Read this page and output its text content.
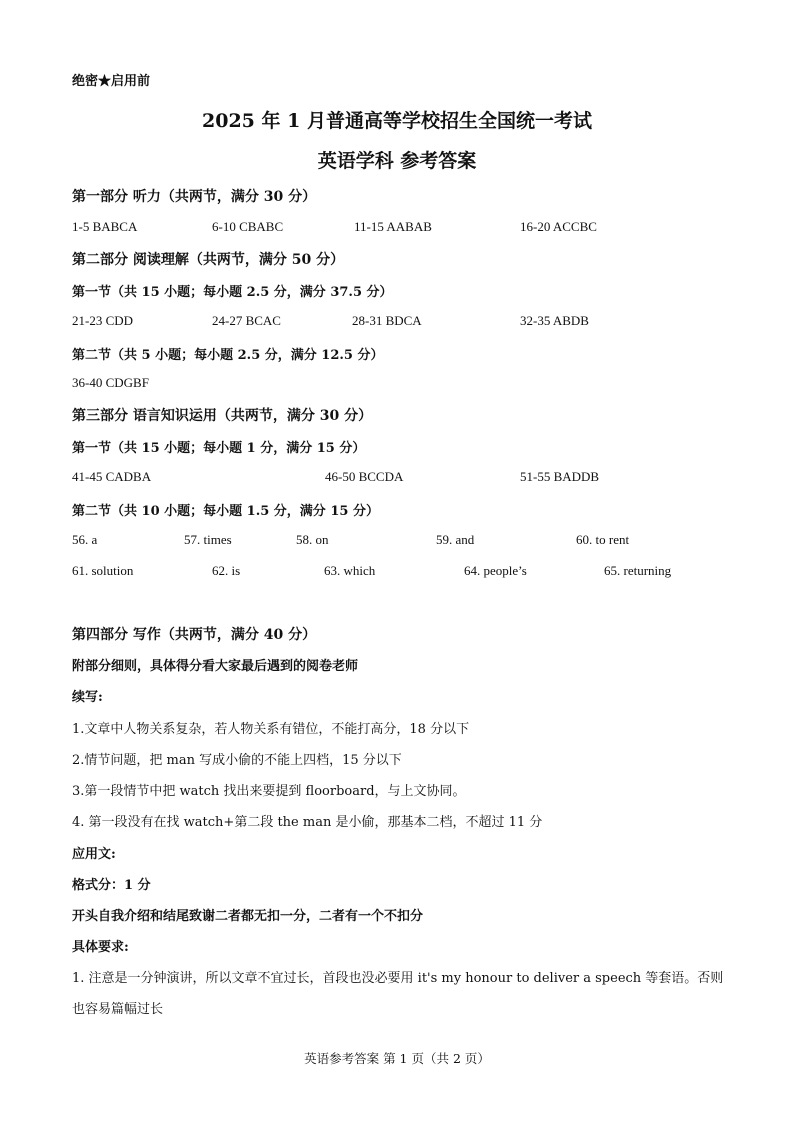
绝密★启用前
2025 年 1 月普通高等学校招生全国统一考试
英语学科 参考答案
第一部分 听力（共两节，满分 30 分）
1-5 BABCA	6-10 CBABC	11-15 AABAB	16-20 ACCBC
第二部分 阅读理解（共两节，满分 50 分）
第一节（共 15 小题；每小题 2.5 分，满分 37.5 分）
21-23 CDD	24-27 BCAC	28-31 BDCA	32-35 ABDB
第二节（共 5 小题；每小题 2.5 分，满分 12.5 分）
36-40 CDGBF
第三部分 语言知识运用（共两节，满分 30 分）
第一节（共 15 小题；每小题 1 分，满分 15 分）
41-45 CADBA	46-50 BCCDA	51-55 BADDB
第二节（共 10 小题；每小题 1.5 分，满分 15 分）
56. a	57. times	58. on	59. and	60. to rent
61. solution	62. is	63. which	64. people’s	65. returning
第四部分 写作（共两节，满分 40 分）
附部分细则，具体得分看大家最后遇到的阅卷老师
续写:
1.文章中人物关系复杂，若人物关系有错位，不能打高分，18 分以下
2.情节问题，把 man 写成小偷的不能上四档，15 分以下
3.第一段情节中把 watch 找出来要提到 floorboard，与上文协同。
4. 第一段没有在找 watch+第二段 the man 是小偷，那基本二档，不超过 11 分
应用文:
格式分：1 分
开头自我介绍和结尾致谢二者都无扣一分，二者有一个不扣分
具体要求:
1. 注意是一分钟演讲，所以文章不宜过长，首段也没必要用 it's my honour to deliver a speech 等套语。否则
也容易篇幅过长
英语参考答案 第 1 页（共 2 页）
